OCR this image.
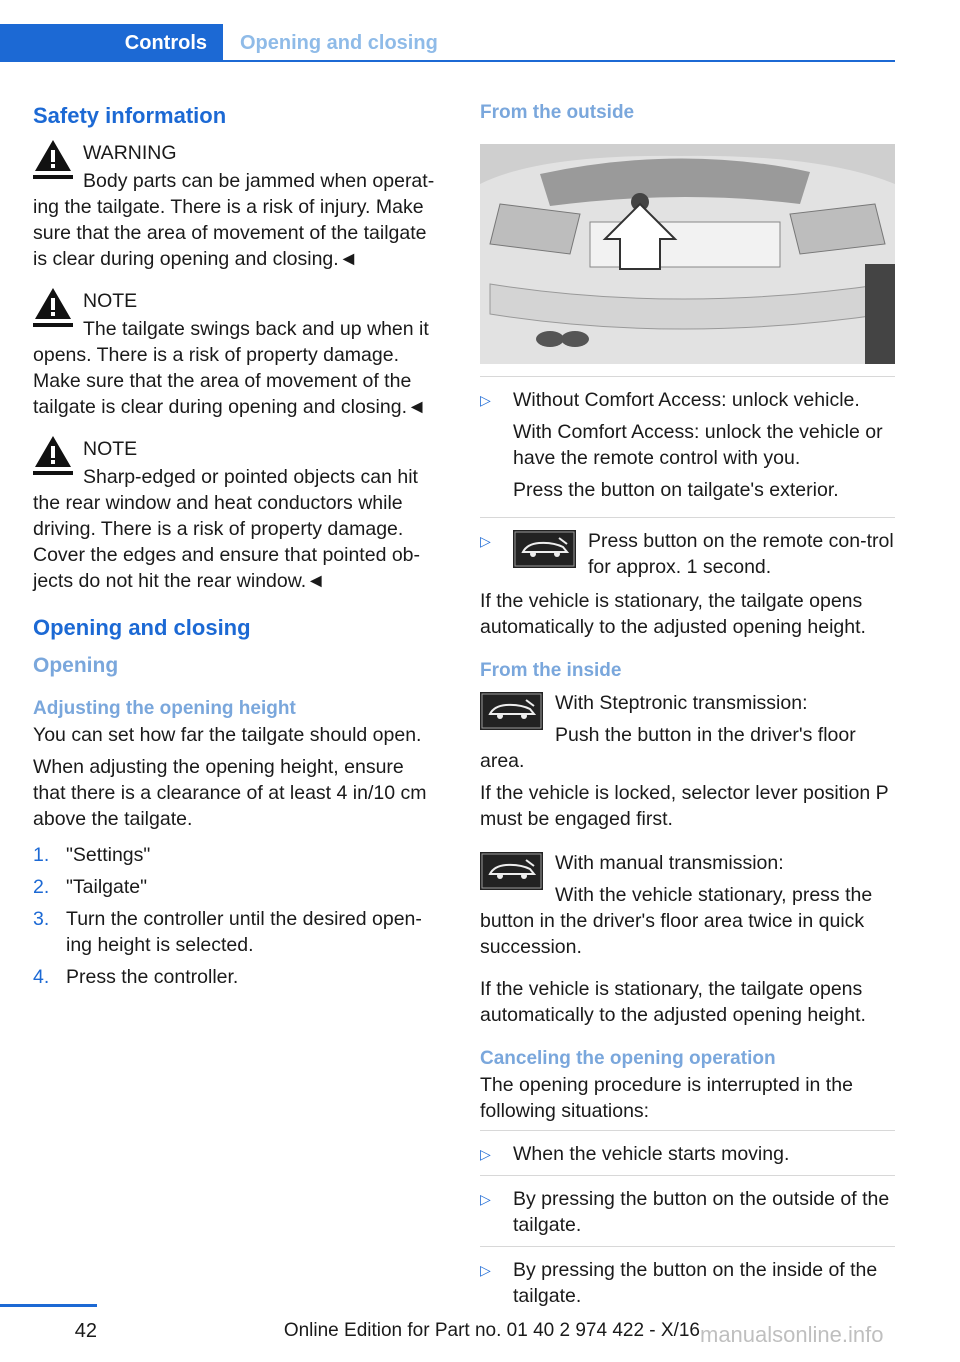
Controls	Opening and closing
Safety information
WARNING
Body parts can be jammed when operat-ing the tailgate. There is a risk of injury. Make sure that the area of movement of the tailgate is clear during opening and closing.◄
NOTE
The tailgate swings back and up when it opens. There is a risk of property damage. Make sure that the area of movement of the tailgate is clear during opening and closing.◄
NOTE
Sharp-edged or pointed objects can hit the rear window and heat conductors while driving. There is a risk of property damage. Cover the edges and ensure that pointed ob-jects do not hit the rear window.◄
Opening and closing
Opening
Adjusting the opening height

You can set how far the tailgate should open.

When adjusting the opening height, ensure that there is a clearance of at least 4 in/10 cm above the tailgate.

1. "Settings"
2. "Tailgate"
3. Turn the controller until the desired open-ing height is selected.
4. Press the controller.
From the outside
▷ Without Comfort Access: unlock vehicle.

With Comfort Access: unlock the vehicle or have the remote control with you.

Press the button on tailgate's exterior.

▷	Press button on the remote con-trol for approx. 1 second.

If the vehicle is stationary, the tailgate opens automatically to the adjusted opening height.

From the inside

With Steptronic transmission:

Push the button in the driver's floor area.

If the vehicle is locked, selector lever position P must be engaged first.

With manual transmission:

With the vehicle stationary, press the button in the driver's floor area twice in quick succession.

If the vehicle is stationary, the tailgate opens automatically to the adjusted opening height.

Canceling the opening operation

The opening procedure is interrupted in the following situations:

▷ When the vehicle starts moving.
▷ By pressing the button on the outside of the tailgate.
▷ By pressing the button on the inside of the tailgate.
42	Online Edition for Part no. 01 40 2 974 422 - X/16 manualsonline.info
